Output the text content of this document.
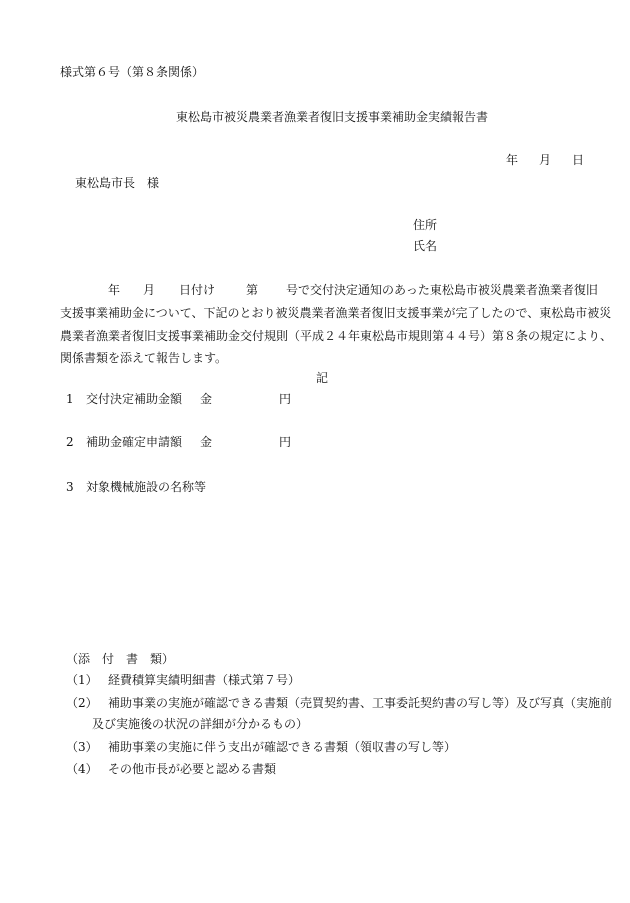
様式第６号（第８条関係）

東松島市被災農業者漁業者復旧支援事業補助金実績報告書

年 月 日

東松島市長　様

住所

氏名

年 月 日付け	第 号で交付決定通知のあった東松島市被災農業者漁業者復旧

支援事業補助金について、下記のとおり被災農業者漁業者復旧支援事業が完了したので、東松島市被災

農業者漁業者復旧支援事業補助金交付規則（平成２４年東松島市規則第４４号）第８条の規定により、

関係書類を添えて報告します。

記

1 交付決定補助金額 金	円
2 補助金確定申請額 金	円
3 対象機械施設の名称等

（添　付　書　類）

（1） 経費積算実績明細書（様式第７号）
（2） 補助事業の実施が確認できる書類（売買契約書、工事委託契約書の写し等）及び写真（実施前
及び実施後の状況の詳細が分かるもの）
（3） 補助事業の実施に伴う支出が確認できる書類（領収書の写し等）
（4） その他市長が必要と認める書類
